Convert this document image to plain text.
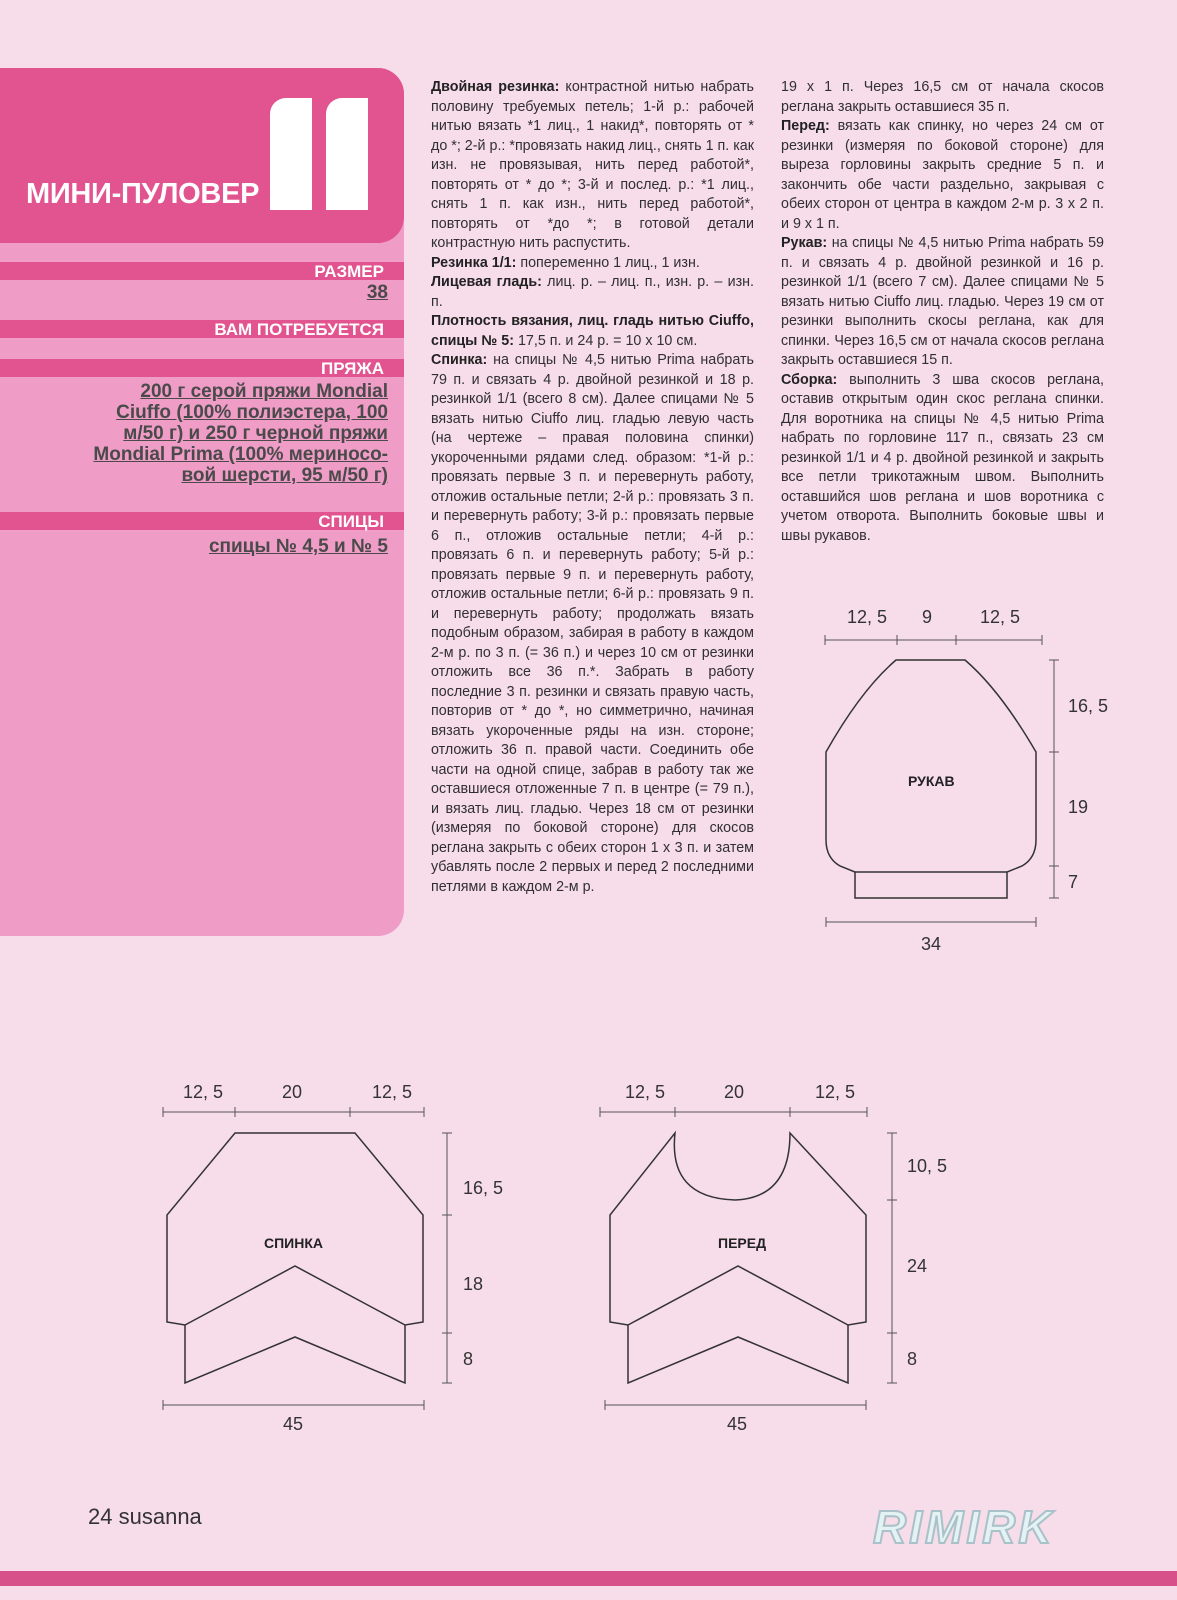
МИНИ-ПУЛОВЕР
РАЗМЕР
38
ВАМ ПОТРЕБУЕТСЯ
ПРЯЖА
200 г серой пряжи Mondial
Ciuffo (100% полиэстера, 100
м/50 г) и 250 г черной пряжи
Mondial Prima (100% мериносо-
вой шерсти, 95 м/50 г)
СПИЦЫ
спицы № 4,5 и № 5

Двойная резинка: контрастной нитью набрать половину требуемых петель; 1-й р.: рабочей нитью вязать *1 лиц., 1 накид*, повторять от * до *; 2-й р.: *провязать накид лиц., снять 1 п. как изн. не провязывая, нить перед работой*, повторять от * до *; 3-й и послед. р.: *1 лиц., снять 1 п. как изн., нить перед работой*, повторять от *до *; в готовой детали контрастную нить распустить.

Резинка 1/1: попеременно 1 лиц., 1 изн.

Лицевая гладь: лиц. р. – лиц. п., изн. р. – изн. п.

Плотность вязания, лиц. гладь нитью Ciuffo, спицы № 5: 17,5 п. и 24 р. = 10 х 10 см.

Спинка: на спицы № 4,5 нитью Prima набрать 79 п. и связать 4 р. двойной резинкой и 18 р. резинкой 1/1 (всего 8 см). Далее спицами № 5 вязать нитью Ciuffo лиц. гладью левую часть (на чертеже – правая половина спинки) укороченными рядами след. образом: *1-й р.: провязать первые 3 п. и перевернуть работу, отложив остальные петли; 2-й р.: провязать 3 п. и перевернуть работу; 3-й р.: провязать первые 6 п., отложив остальные петли; 4-й р.: провязать 6 п. и перевернуть работу; 5-й р.: провязать первые 9 п. и перевернуть работу, отложив остальные петли; 6-й р.: провязать 9 п. и перевернуть работу; продолжать вязать подобным образом, забирая в работу в каждом 2-м р. по 3 п. (= 36 п.) и через 10 см от резинки отложить все 36 п.*. Забрать в работу последние 3 п. резинки и связать правую часть, повторив от * до *, но симметрично, начиная вязать укороченные ряды на изн. стороне; отложить 36 п. правой части. Соединить обе части на одной спице, забрав в работу так же оставшиеся отложенные 7 п. в центре (= 79 п.), и вязать лиц. гладью. Через 18 см от резинки (измеряя по боковой стороне) для скосов реглана закрыть с обеих сторон 1 х 3 п. и затем убавлять после 2 первых и перед 2 последними петлями в каждом 2-м р.

19 х 1 п. Через 16,5 см от начала скосов реглана закрыть оставшиеся 35 п.

Перед: вязать как спинку, но через 24 см от резинки (измеряя по боковой стороне) для выреза горловины закрыть средние 5 п. и закончить обе части раздельно, закрывая с обеих сторон от центра в каждом 2-м р. 3 х 2 п. и 9 х 1 п.

Рукав: на спицы № 4,5 нитью Prima набрать 59 п. и связать 4 р. двойной резинкой и 16 р. резинкой 1/1 (всего 7 см). Далее спицами № 5 вязать нитью Ciuffo лиц. гладью. Через 19 см от резинки выполнить скосы реглана, как для спинки. Через 16,5 см от начала скосов реглана закрыть оставшиеся 15 п.

Сборка: выполнить 3 шва скосов реглана, оставив открытым один скос реглана спинки. Для воротника на спицы № 4,5 нитью Prima набрать по горловине 117 п., связать 23 см резинкой 1/1 и 4 р. двойной резинкой и закрыть все петли трикотажным швом. Выполнить оставшийся шов реглана и шов воротника с учетом отворота. Выполнить боковые швы и швы рукавов.

РУКАВ
12, 5 9	12, 5
16, 5
19
7
34
СПИНКА
12, 5	20	12, 5
16, 5
18
8
45
ПЕРЕД
12, 5	20	12, 5
10, 5
24
8
45
24 susanna	RIMIRK
